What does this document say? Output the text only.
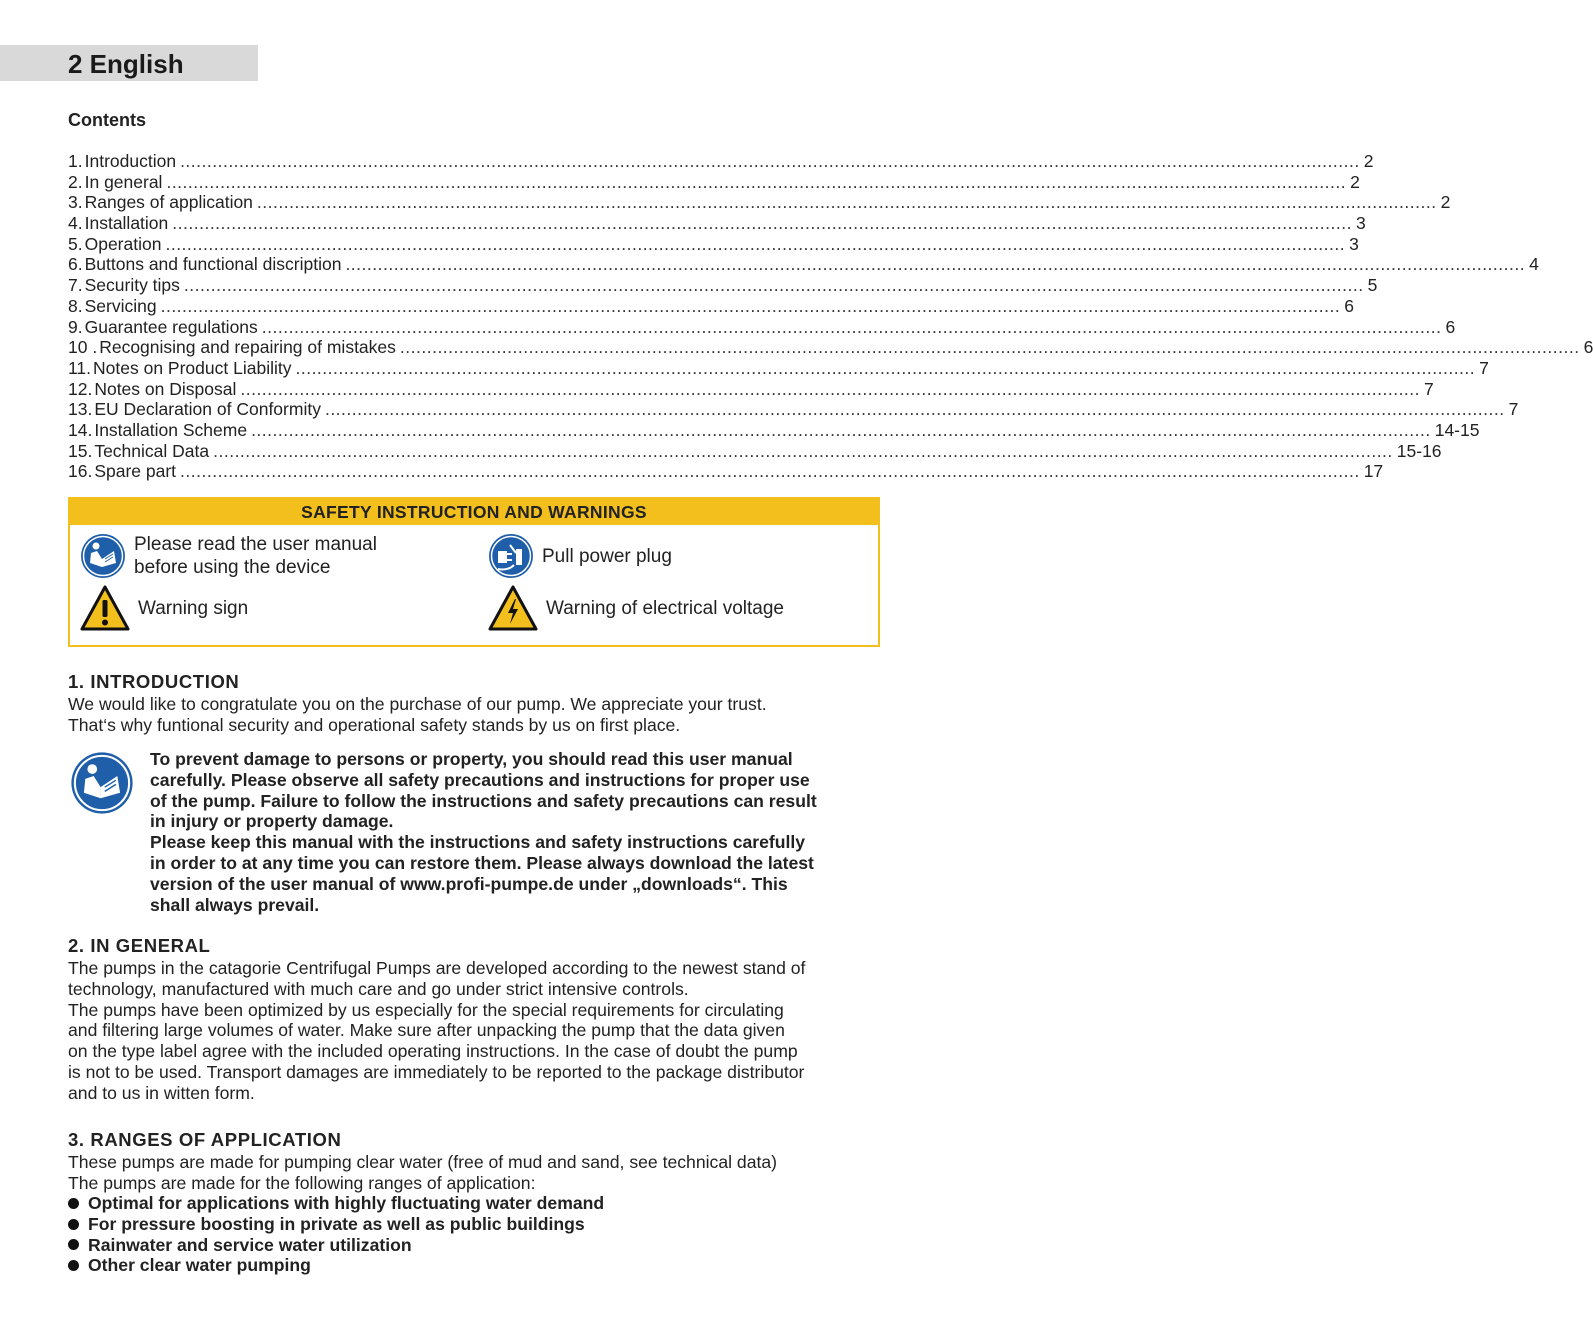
2 English
Contents
1. Introduction ............................................................................................................................................................................................................................ 2
2. In general ............................................................................................................................................................................................................................ 2
3. Ranges of application ............................................................................................................................................................................................................................ 2
4. Installation ............................................................................................................................................................................................................................ 3
5. Operation ............................................................................................................................................................................................................................ 3
6. Buttons and functional discription ............................................................................................................................................................................................................................ 4
7. Security tips ............................................................................................................................................................................................................................ 5
8. Servicing ............................................................................................................................................................................................................................ 6
9. Guarantee regulations ............................................................................................................................................................................................................................ 6
10 . Recognising and repairing of mistakes ............................................................................................................................................................................................................................ 6
11. Notes on Product Liability ............................................................................................................................................................................................................................ 7
12. Notes on Disposal ............................................................................................................................................................................................................................ 7
13. EU Declaration of Conformity ............................................................................................................................................................................................................................ 7
14. Installation Scheme ............................................................................................................................................................................................................................ 14-15
15. Technical Data ............................................................................................................................................................................................................................ 15-16
16. Spare part ............................................................................................................................................................................................................................ 17
SAFETY INSTRUCTION AND WARNINGS
Please read the user manual
before using the device
Pull power plug
Warning sign	Warning of electrical voltage
1. INTRODUCTION
We would like to congratulate you on the purchase of our pump. We appreciate your trust.
That‘s why funtional security and operational safety stands by us on first place.
To prevent damage to persons or property, you should read this user manual
carefully. Please observe all safety precautions and instructions for proper use
of the pump. Failure to follow the instructions and safety precautions can result
in injury or property damage.
Please keep this manual with the instructions and safety instructions carefully
in order to at any time you can restore them. Please always download the latest
version of the user manual of www.profi-pumpe.de under „downloads“. This
shall always prevail.
2. IN GENERAL
The pumps in the catagorie Centrifugal Pumps are developed according to the newest stand of
technology, manufactured with much care and go under strict intensive controls.
The pumps have been optimized by us especially for the special requirements for circulating
and filtering large volumes of water. Make sure after unpacking the pump that the data given
on the type label agree with the included operating instructions. In the case of doubt the pump
is not to be used. Transport damages are immediately to be reported to the package distributor
and to us in witten form.
3. RANGES OF APPLICATION
These pumps are made for pumping clear water (free of mud and sand, see technical data)
The pumps are made for the following ranges of application:
Optimal for applications with highly fluctuating water demand
For pressure boosting in private as well as public buildings
Rainwater and service water utilization
Other clear water pumping
